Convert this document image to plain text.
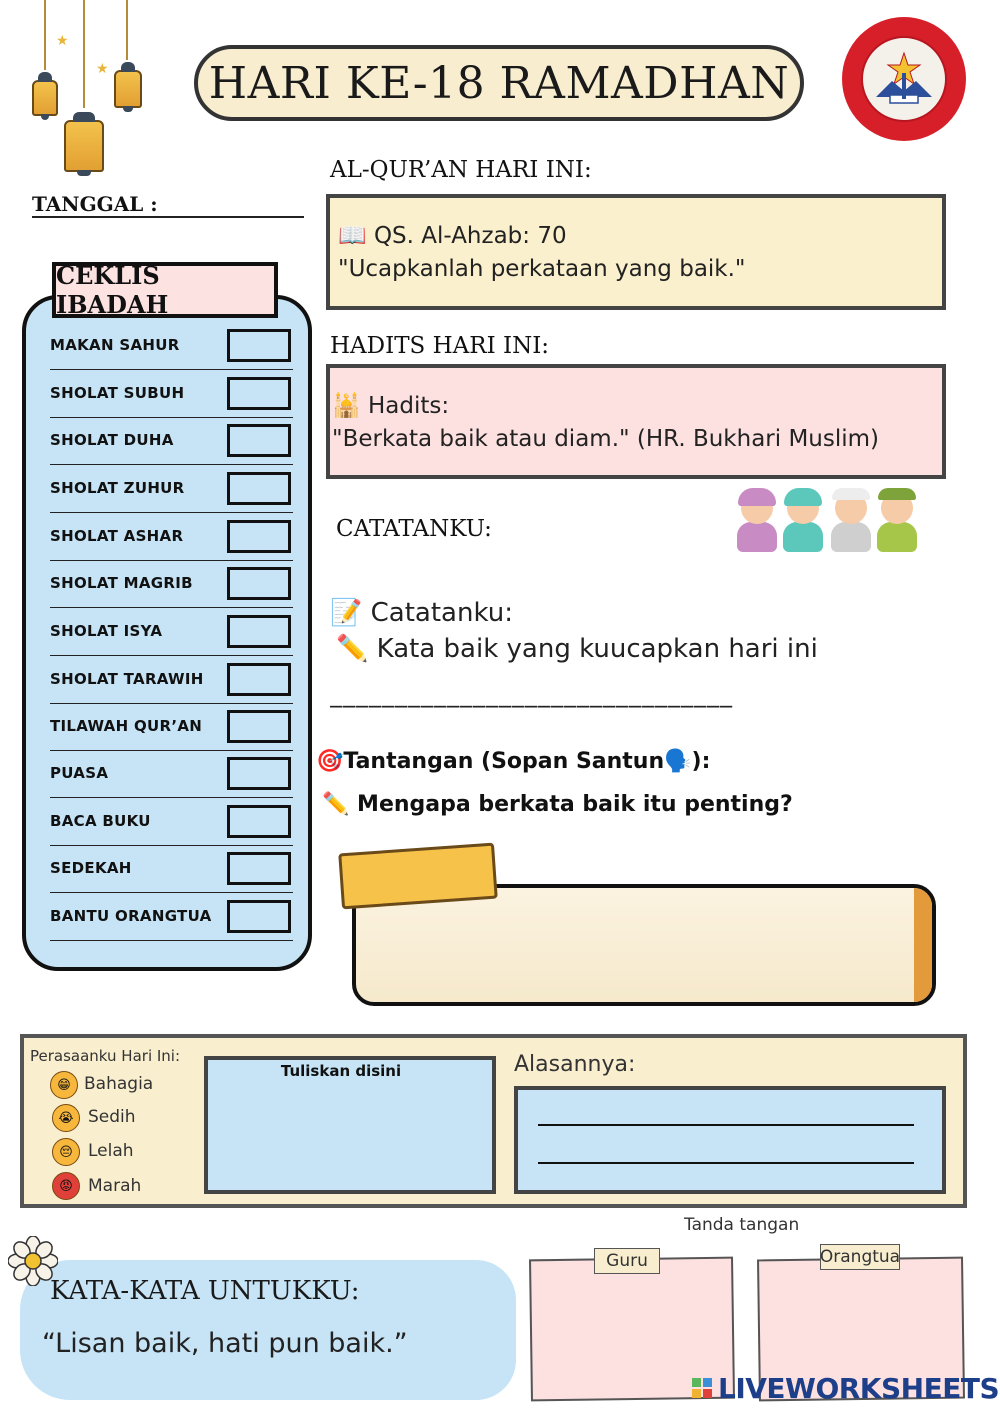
★
★ HARI KE-18 RAMADHAN
TANGGAL :
CEKLIS IBADAH
MAKAN SAHUR
SHOLAT SUBUH
SHOLAT DUHA
SHOLAT ZUHUR
SHOLAT ASHAR
SHOLAT MAGRIB
SHOLAT ISYA
SHOLAT TARAWIH
TILAWAH QUR’AN
PUASA
BACA BUKU
SEDEKAH
BANTU ORANGTUA
AL-QUR’AN HARI INI:
📖 QS. Al-Ahzab: 70
"Ucapkanlah perkataan yang baik."
HADITS HARI INI:
🕌 Hadits:
"Berkata baik atau diam." (HR. Bukhari Muslim)
CATATANKU:
📝 Catatanku:
✏️ Kata baik yang kuucapkan hari ini
_______________________________
🎯Tantangan (Sopan Santun🗣️):
✏️ Mengapa berkata baik itu penting?
Perasaanku Hari Ini:
😁 Bahagia
😭 Sedih
😔 Lelah
😡 Marah
Tuliskan disini	Alasannya:
KATA-KATA UNTUKKU:
“Lisan baik, hati pun baik.”
Tanda tangan
Guru	Orangtua
LIVEWORKSHEETS
